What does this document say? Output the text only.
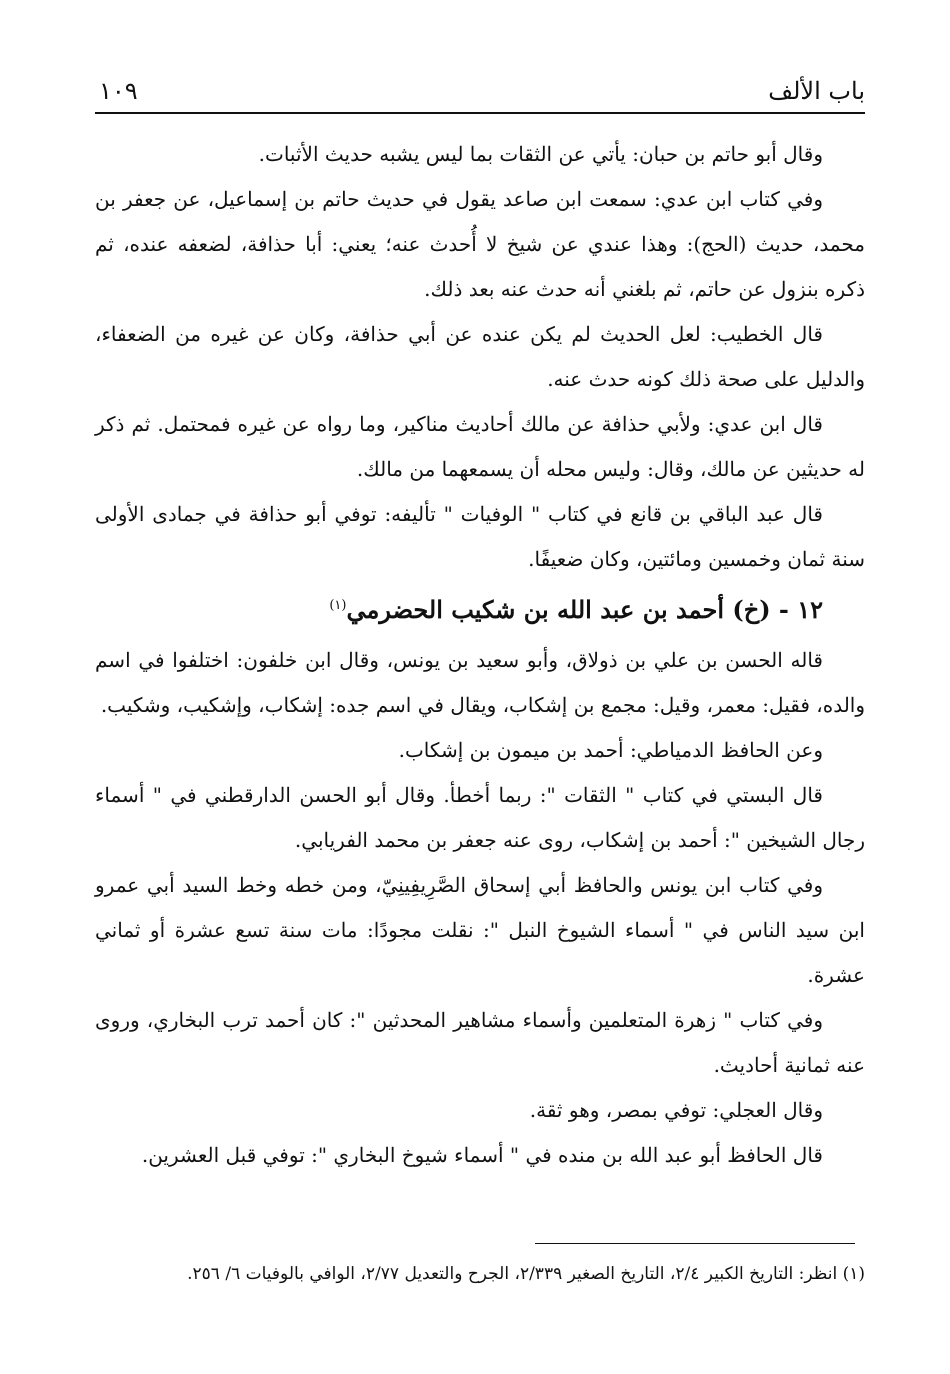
باب الألف
١٠٩

وقال أبو حاتم بن حبان: يأتي عن الثقات بما ليس يشبه حديث الأثبات.

وفي كتاب ابن عدي: سمعت ابن صاعد يقول في حديث حاتم بن إسماعيل، عن جعفر بن محمد، حديث (الحج): وهذا عندي عن شيخ لا أُحدث عنه؛ يعني: أبا حذافة، لضعفه عنده، ثم ذكره بنزول عن حاتم، ثم بلغني أنه حدث عنه بعد ذلك.

قال الخطيب: لعل الحديث لم يكن عنده عن أبي حذافة، وكان عن غيره من الضعفاء، والدليل على صحة ذلك كونه حدث عنه.

قال ابن عدي: ولأبي حذافة عن مالك أحاديث مناكير، وما رواه عن غيره فمحتمل. ثم ذكر له حديثين عن مالك، وقال: وليس محله أن يسمعهما من مالك.

قال عبد الباقي بن قانع في كتاب " الوفيات " تأليفه: توفي أبو حذافة في جمادى الأولى سنة ثمان وخمسين ومائتين، وكان ضعيفًا.

١٢ - (خ) أحمد بن عبد الله بن شكيب الحضرمي$^{(١)}$

قاله الحسن بن علي بن ذولاق، وأبو سعيد بن يونس، وقال ابن خلفون: اختلفوا في اسم والده، فقيل: معمر، وقيل: مجمع بن إشكاب، ويقال في اسم جده: إشكاب، وإشكيب، وشكيب.

وعن الحافظ الدمياطي: أحمد بن ميمون بن إشكاب.

قال البستي في كتاب " الثقات ": ربما أخطأ. وقال أبو الحسن الدارقطني في " أسماء رجال الشيخين ": أحمد بن إشكاب، روى عنه جعفر بن محمد الفريابي.

وفي كتاب ابن يونس والحافظ أبي إسحاق الصَّرِيفِينِيّ، ومن خطه وخط السيد أبي عمرو ابن سيد الناس في " أسماء الشيوخ النبل ": نقلت مجودًا: مات سنة تسع عشرة أو ثماني عشرة.

وفي كتاب " زهرة المتعلمين وأسماء مشاهير المحدثين ": كان أحمد ترب البخاري، وروى عنه ثمانية أحاديث.

وقال العجلي: توفي بمصر، وهو ثقة.

قال الحافظ أبو عبد الله بن منده في " أسماء شيوخ البخاري ": توفي قبل العشرين.

(١) انظر: التاريخ الكبير ٢/٤، التاريخ الصغير ٢/٣٣٩، الجرح والتعديل ٢/٧٧، الوافي بالوفيات ٦/ ٢٥٦.
